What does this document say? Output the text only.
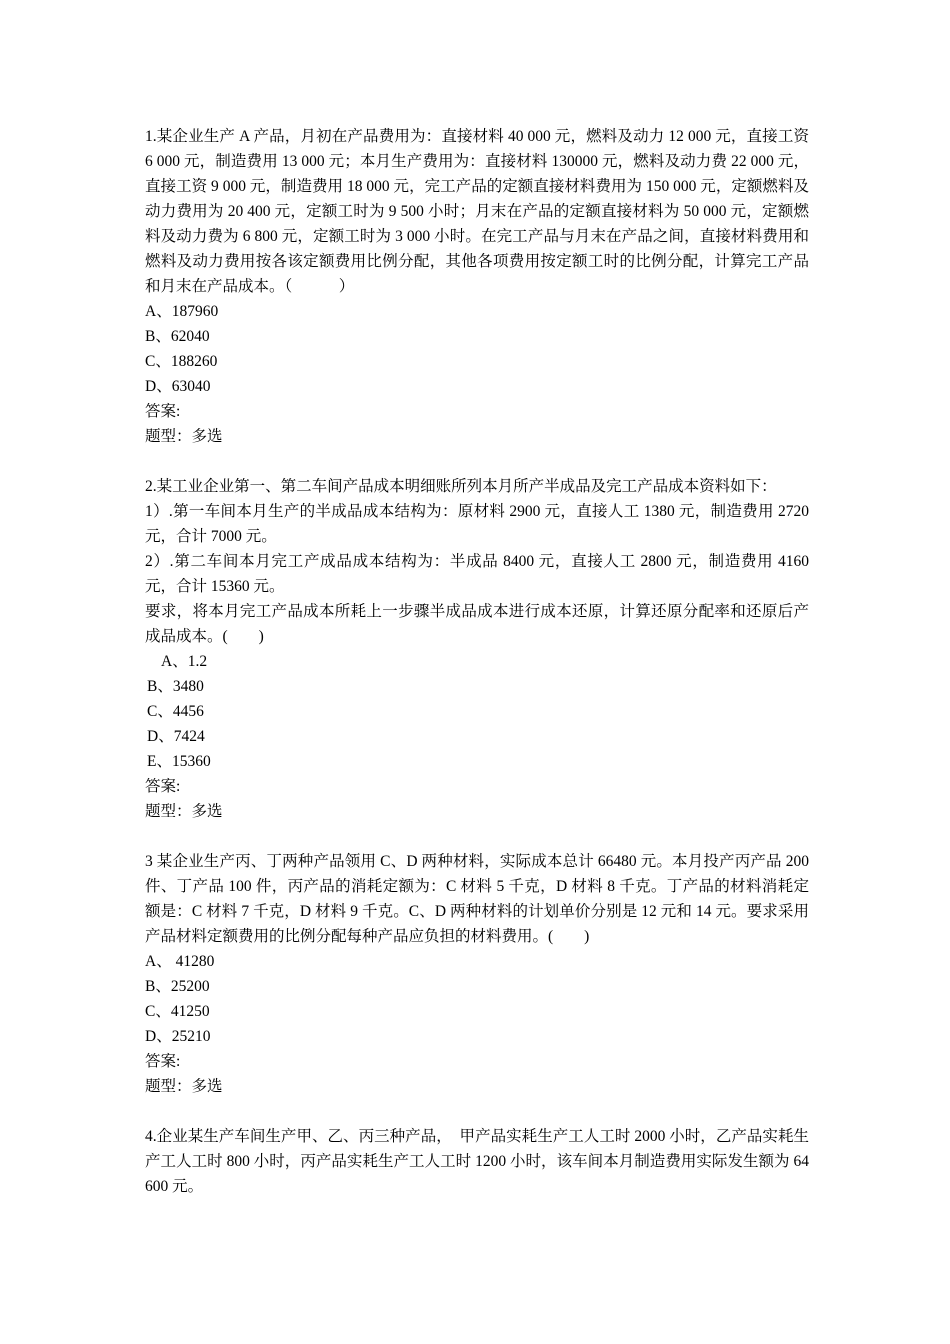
1.某企业生产 A 产品，月初在产品费用为：直接材料 40 000 元，燃料及动力 12 000 元，直接工资 6 000 元，制造费用 13 000 元；本月生产费用为：直接材料 130000 元，燃料及动力费 22 000 元，直接工资 9 000 元，制造费用 18 000 元，完工产品的定额直接材料费用为 150 000 元，定额燃料及动力费用为 20 400 元，定额工时为 9 500 小时；月末在产品的定额直接材料为 50 000 元，定额燃料及动力费为 6 800 元，定额工时为 3 000 小时。在完工产品与月末在产品之间，直接材料费用和燃料及动力费用按各该定额费用比例分配，其他各项费用按定额工时的比例分配，计算完工产品和月末在产品成本。（　　　）

A、187960

B、62040

C、188260

D、63040

答案:

题型：多选

2.某工业企业第一、第二车间产品成本明细账所列本月所产半成品及完工产品成本资料如下：

1）.第一车间本月生产的半成品成本结构为：原材料 2900 元，直接人工 1380 元，制造费用 2720 元，合计 7000 元。

2）.第二车间本月完工产成品成本结构为：半成品 8400 元，直接人工 2800 元，制造费用 4160 元，合计 15360 元。

要求，将本月完工产品成本所耗上一步骤半成品成本进行成本还原，计算还原分配率和还原后产成品成本。(　　)

A、1.2

B、3480

C、4456

D、7424

E、15360

答案:

题型：多选

3 某企业生产丙、丁两种产品领用 C、D 两种材料，实际成本总计 66480 元。本月投产丙产品 200 件、丁产品 100 件，丙产品的消耗定额为：C 材料 5 千克，D 材料 8 千克。丁产品的材料消耗定额是：C 材料 7 千克，D 材料 9 千克。C、D 两种材料的计划单价分别是 12 元和 14 元。要求采用产品材料定额费用的比例分配每种产品应负担的材料费用。(　　)

A、 41280

B、25200

C、41250

D、25210

答案:

题型：多选

4.企业某生产车间生产甲、乙、丙三种产品，　甲产品实耗生产工人工时 2000 小时，乙产品实耗生产工人工时 800 小时，丙产品实耗生产工人工时 1200 小时，该车间本月制造费用实际发生额为 64600 元。
